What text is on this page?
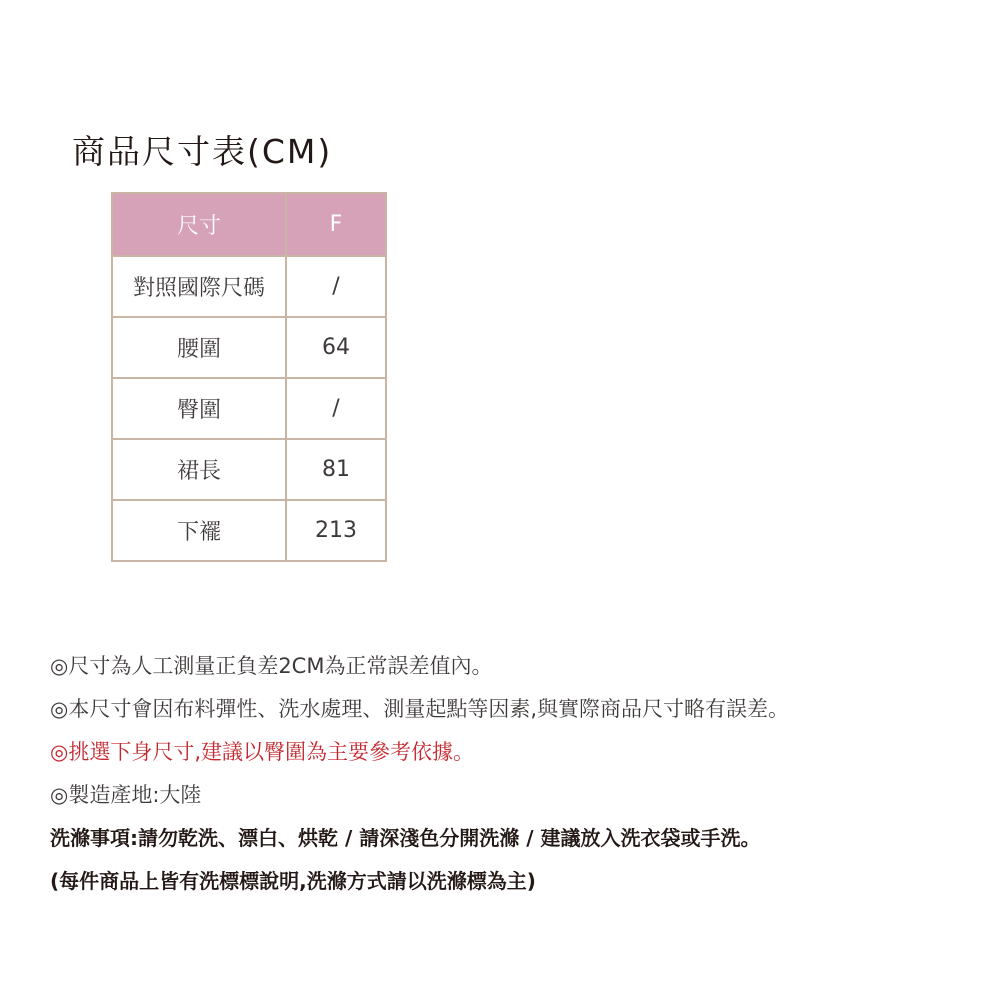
商品尺寸表(CM)
尺寸	F
對照國際尺碼	/
腰圍	64
臀圍	/
裙長	81
下襬	213
◎尺寸為人工測量正負差2CM為正常誤差值內。
◎本尺寸會因布料彈性、洗水處理、測量起點等因素,與實際商品尺寸略有誤差。
◎挑選下身尺寸,建議以臀圍為主要參考依據。
◎製造產地:大陸
洗滌事項:請勿乾洗、漂白、烘乾 / 請深淺色分開洗滌 / 建議放入洗衣袋或手洗。
(每件商品上皆有洗標標說明,洗滌方式請以洗滌標為主)
